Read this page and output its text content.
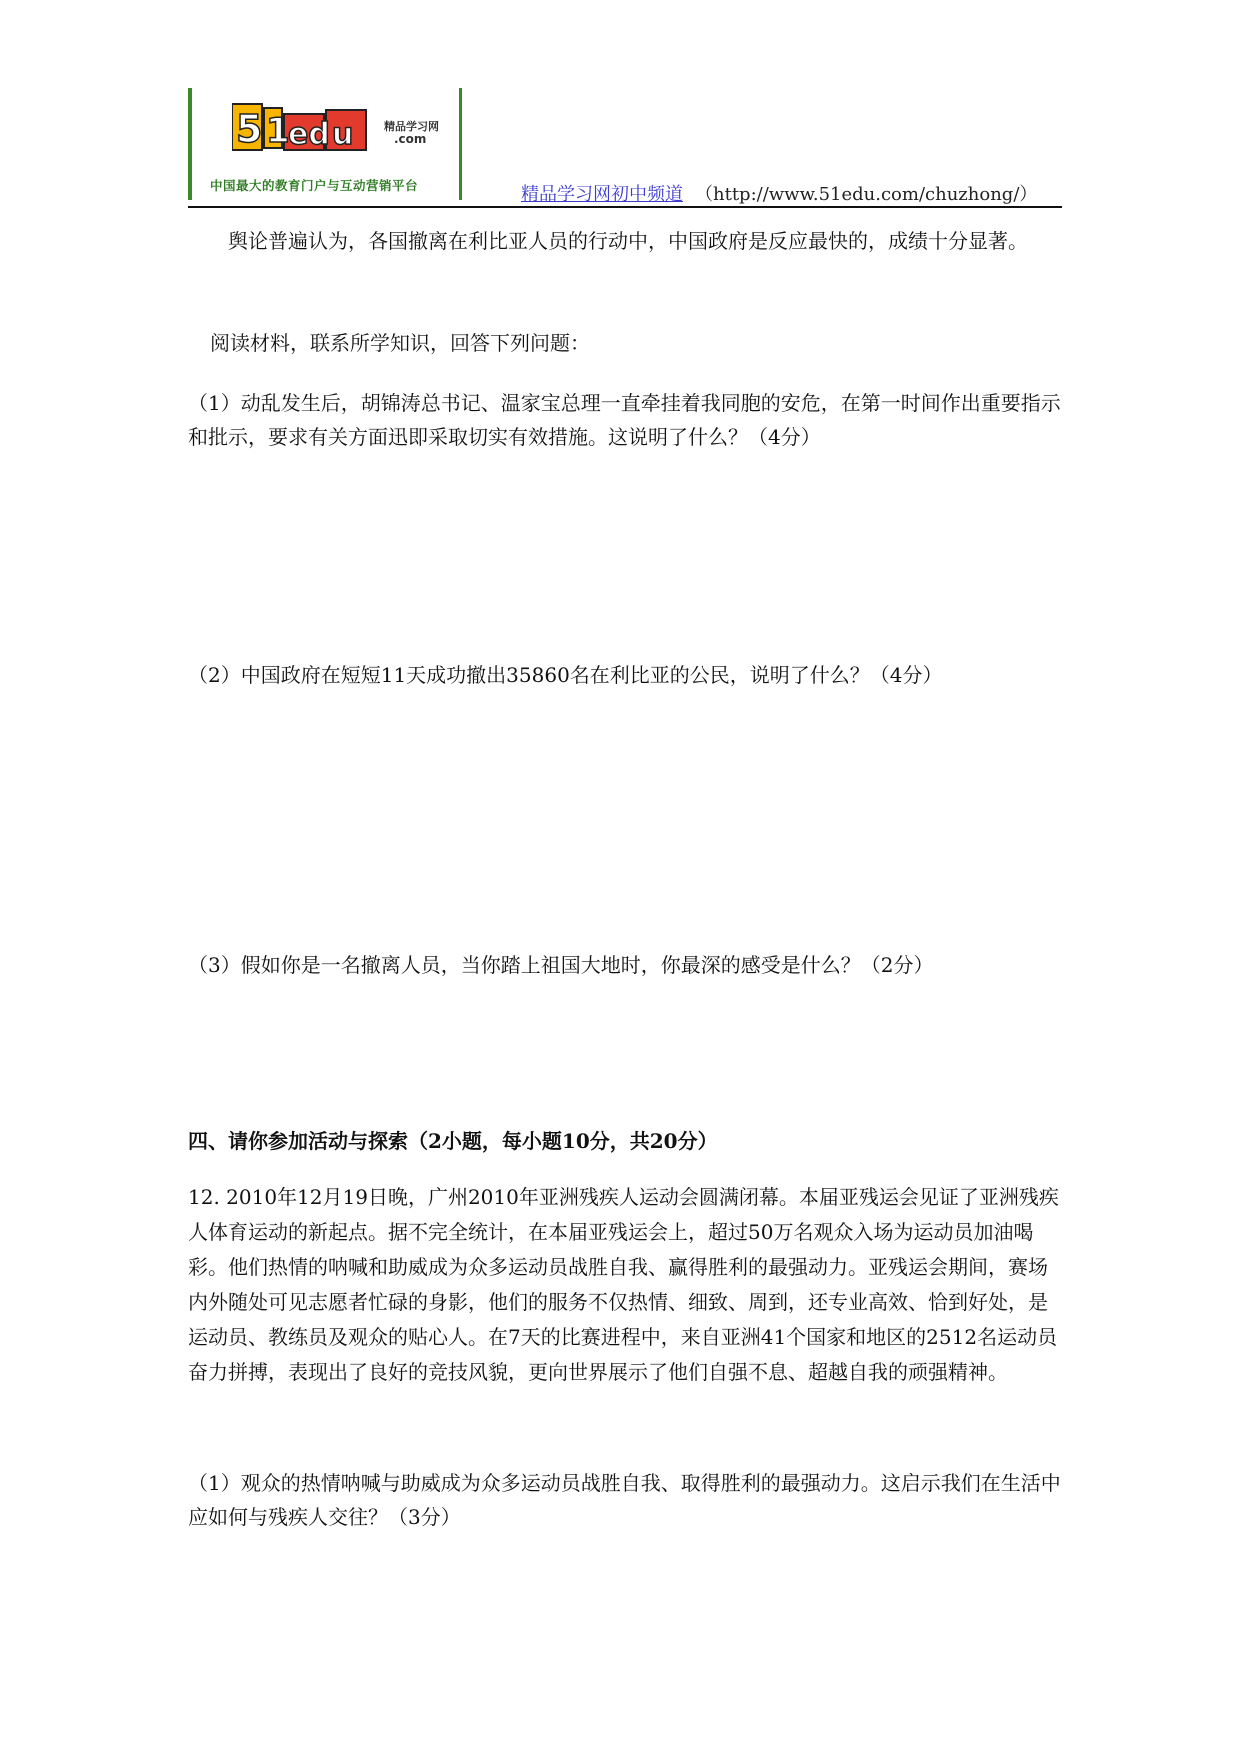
5 1
ed u	精品学习网
.com
中国最大的教育门户与互动营销平台	精品学习网初中频道 （http://www.51edu.com/chuzhong/）

　　舆论普遍认为，各国撤离在利比亚人员的行动中，中国政府是反应最快的，成绩十分显著。

阅读材料，联系所学知识，回答下列问题：

（1）动乱发生后，胡锦涛总书记、温家宝总理一直牵挂着我同胞的安危，在第一时间作出重要指示和批示，要求有关方面迅即采取切实有效措施。这说明了什么？（4分）

（2）中国政府在短短11天成功撤出35860名在利比亚的公民，说明了什么？（4分）

（3）假如你是一名撤离人员，当你踏上祖国大地时，你最深的感受是什么？（2分）

四、请你参加活动与探索（2小题，每小题10分，共20分）

12. 2010年12月19日晚，广州2010年亚洲残疾人运动会圆满闭幕。本届亚残运会见证了亚洲残疾人体育运动的新起点。据不完全统计，在本届亚残运会上，超过50万名观众入场为运动员加油喝彩。他们热情的呐喊和助威成为众多运动员战胜自我、赢得胜利的最强动力。亚残运会期间，赛场内外随处可见志愿者忙碌的身影，他们的服务不仅热情、细致、周到，还专业高效、恰到好处，是运动员、教练员及观众的贴心人。在7天的比赛进程中，来自亚洲41个国家和地区的2512名运动员奋力拼搏，表现出了良好的竞技风貌，更向世界展示了他们自强不息、超越自我的顽强精神。

（1）观众的热情呐喊与助威成为众多运动员战胜自我、取得胜利的最强动力。这启示我们在生活中应如何与残疾人交往？（3分）
